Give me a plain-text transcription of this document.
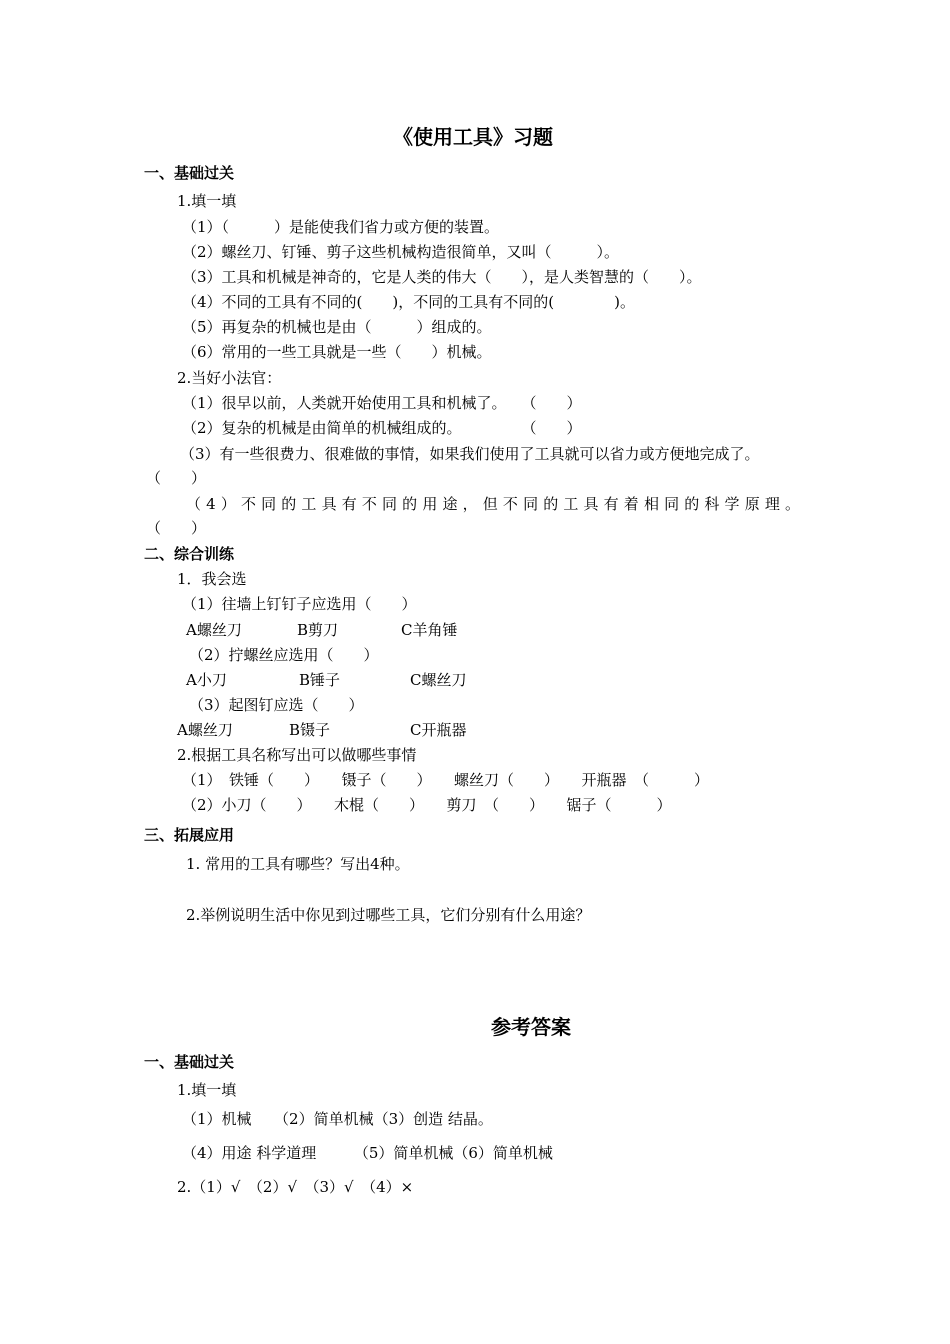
《使用工具》习题
一、基础过关
1.填一填
（1）（　　　）是能使我们省力或方便的装置。
（2）螺丝刀、钉锤、剪子这些机械构造很简单，又叫（　　　）。
（3）工具和机械是神奇的，它是人类的伟大（　　），是人类智慧的（　　）。
（4）不同的工具有不同的(　　)，不同的工具有不同的(　　　　)。
（5）再复杂的机械也是由（　　　）组成的。
（6）常用的一些工具就是一些（　　）机械。
2.当好小法官：
（1）很早以前，人类就开始使用工具和机械了。　　（　　）
（2）复杂的机械是由简单的机械组成的。　　　　　（　　）
（3）有一些很费力、很难做的事情，如果我们使用了工具就可以省力或方便地完成了。
（　　）
（4）不同的工具有不同的用途，但不同的工具有着相同的科学原理。
（　　）
二、综合训练
1．我会选
（1）往墙上钉钉子应选用（　　）
A螺丝刀	B剪刀	C羊角锤
（2）拧螺丝应选用（　　）
A小刀	B锤子	C螺丝刀
（3）起图钉应选（　　）
A螺丝刀	B镊子	C开瓶器
2.根据工具名称写出可以做哪些事情
（1）　铁锤（　　）　　镊子（　　）　　螺丝刀（　　）　　开瓶器　（　　　）
（2）小刀（　　）　　木棍（　　）　　剪刀　（　　）　　锯子（　　　）
三、拓展应用
1. 常用的工具有哪些？写出4种。
2.举例说明生活中你见到过哪些工具，它们分别有什么用途？
参考答案
一、基础过关
1.填一填
（1）机械　　（2）简单机械（3）创造 结晶。
（4）用途 科学道理　　　（5）简单机械（6）简单机械
2.（1）√　（2）√　（3）√　（4）×
